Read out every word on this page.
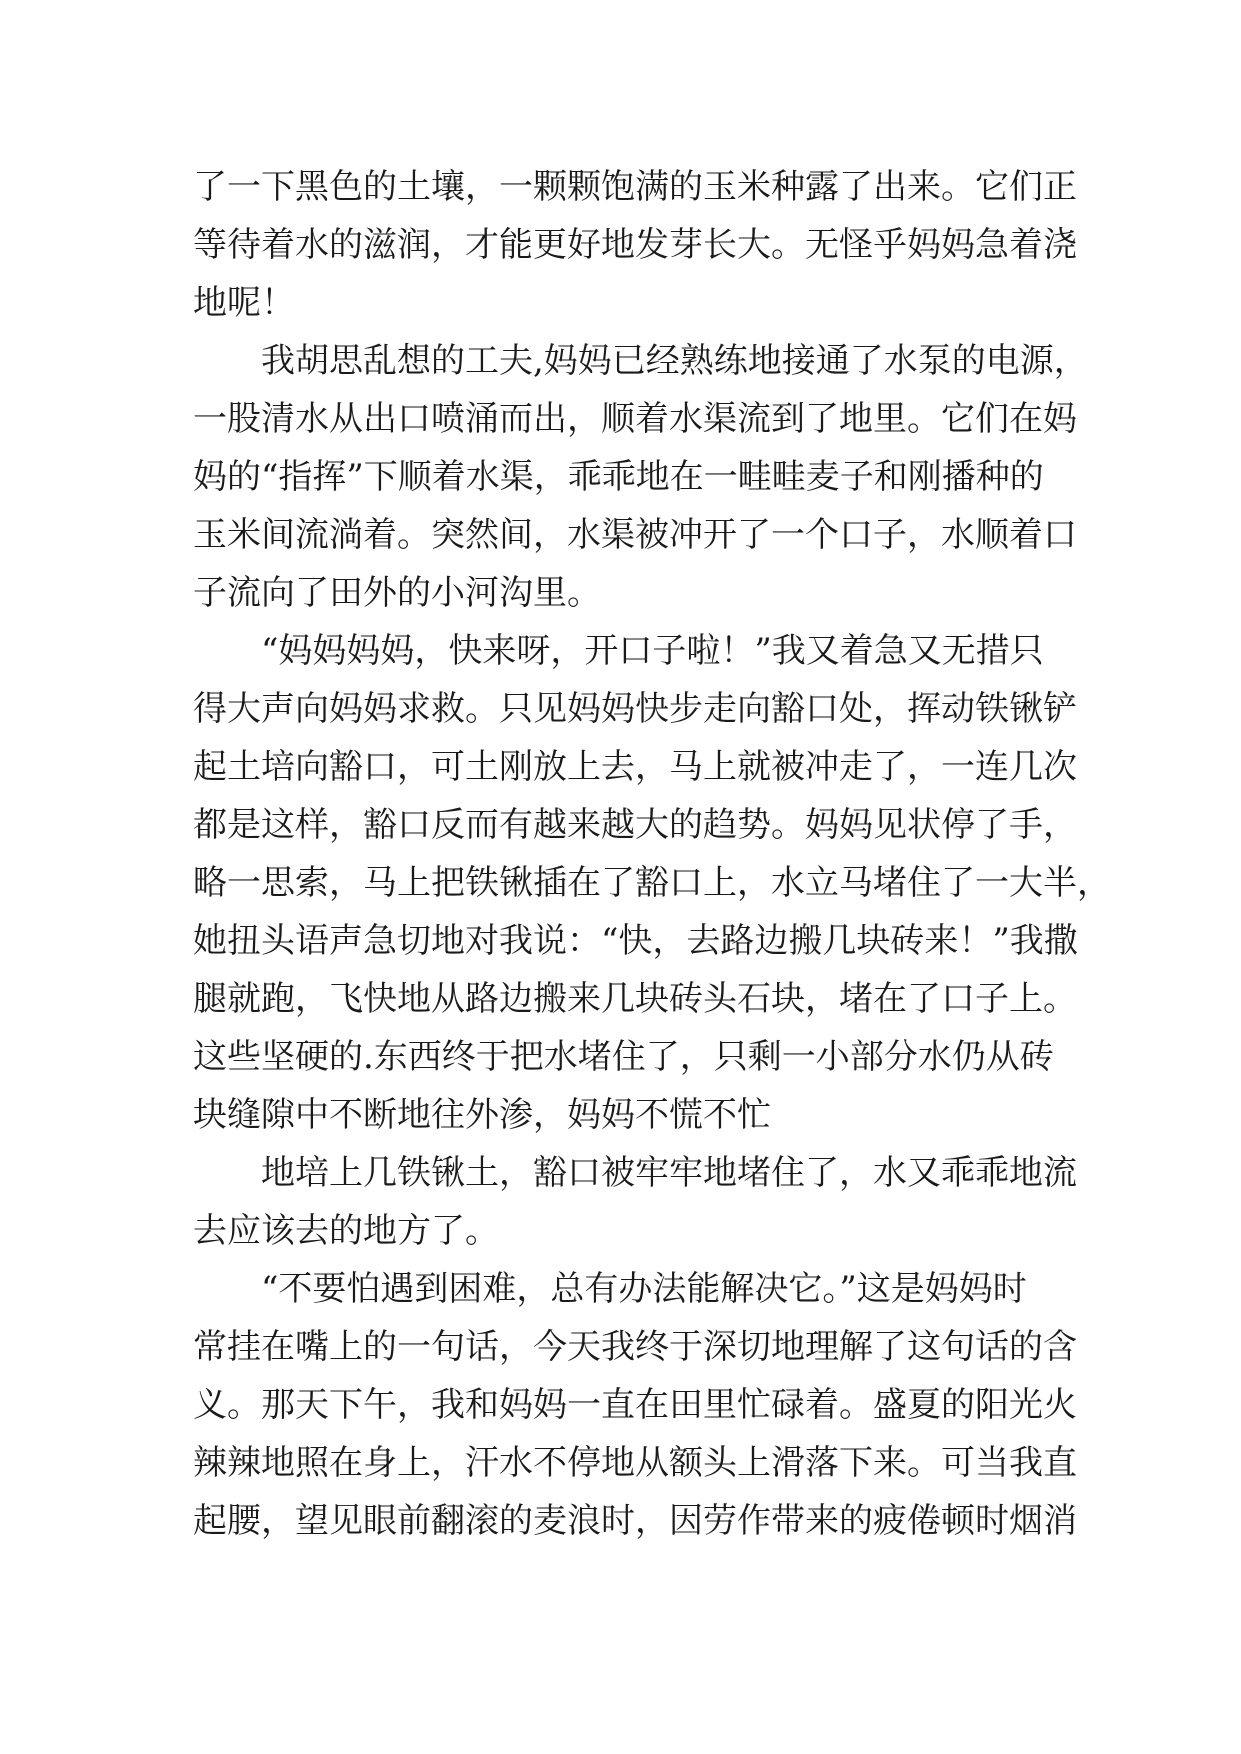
了一下黑色的土壤，一颗颗饱满的玉米种露了出来。它们正
等待着水的滋润，才能更好地发芽长大。无怪乎妈妈急着浇
地呢！
我胡思乱想的工夫,妈妈已经熟练地接通了水泵的电源，
一股清水从出口喷涌而出，顺着水渠流到了地里。它们在妈
妈的“指挥”下顺着水渠，乖乖地在一畦畦麦子和刚播种的
玉米间流淌着。突然间，水渠被冲开了一个口子，水顺着口
子流向了田外的小河沟里。
“妈妈妈妈，快来呀，开口子啦！”我又着急又无措只
得大声向妈妈求救。只见妈妈快步走向豁口处，挥动铁锹铲
起土培向豁口，可土刚放上去，马上就被冲走了，一连几次
都是这样，豁口反而有越来越大的趋势。妈妈见状停了手，
略一思索，马上把铁锹插在了豁口上，水立马堵住了一大半，
她扭头语声急切地对我说：“快，去路边搬几块砖来！”我撒
腿就跑，飞快地从路边搬来几块砖头石块，堵在了口子上。
这些坚硬的.东西终于把水堵住了，只剩一小部分水仍从砖
块缝隙中不断地往外渗，妈妈不慌不忙
地培上几铁锹土，豁口被牢牢地堵住了，水又乖乖地流
去应该去的地方了。
“不要怕遇到困难，总有办法能解决它。”这是妈妈时
常挂在嘴上的一句话，今天我终于深切地理解了这句话的含
义。那天下午，我和妈妈一直在田里忙碌着。盛夏的阳光火
辣辣地照在身上，汗水不停地从额头上滑落下来。可当我直
起腰，望见眼前翻滚的麦浪时，因劳作带来的疲倦顿时烟消
